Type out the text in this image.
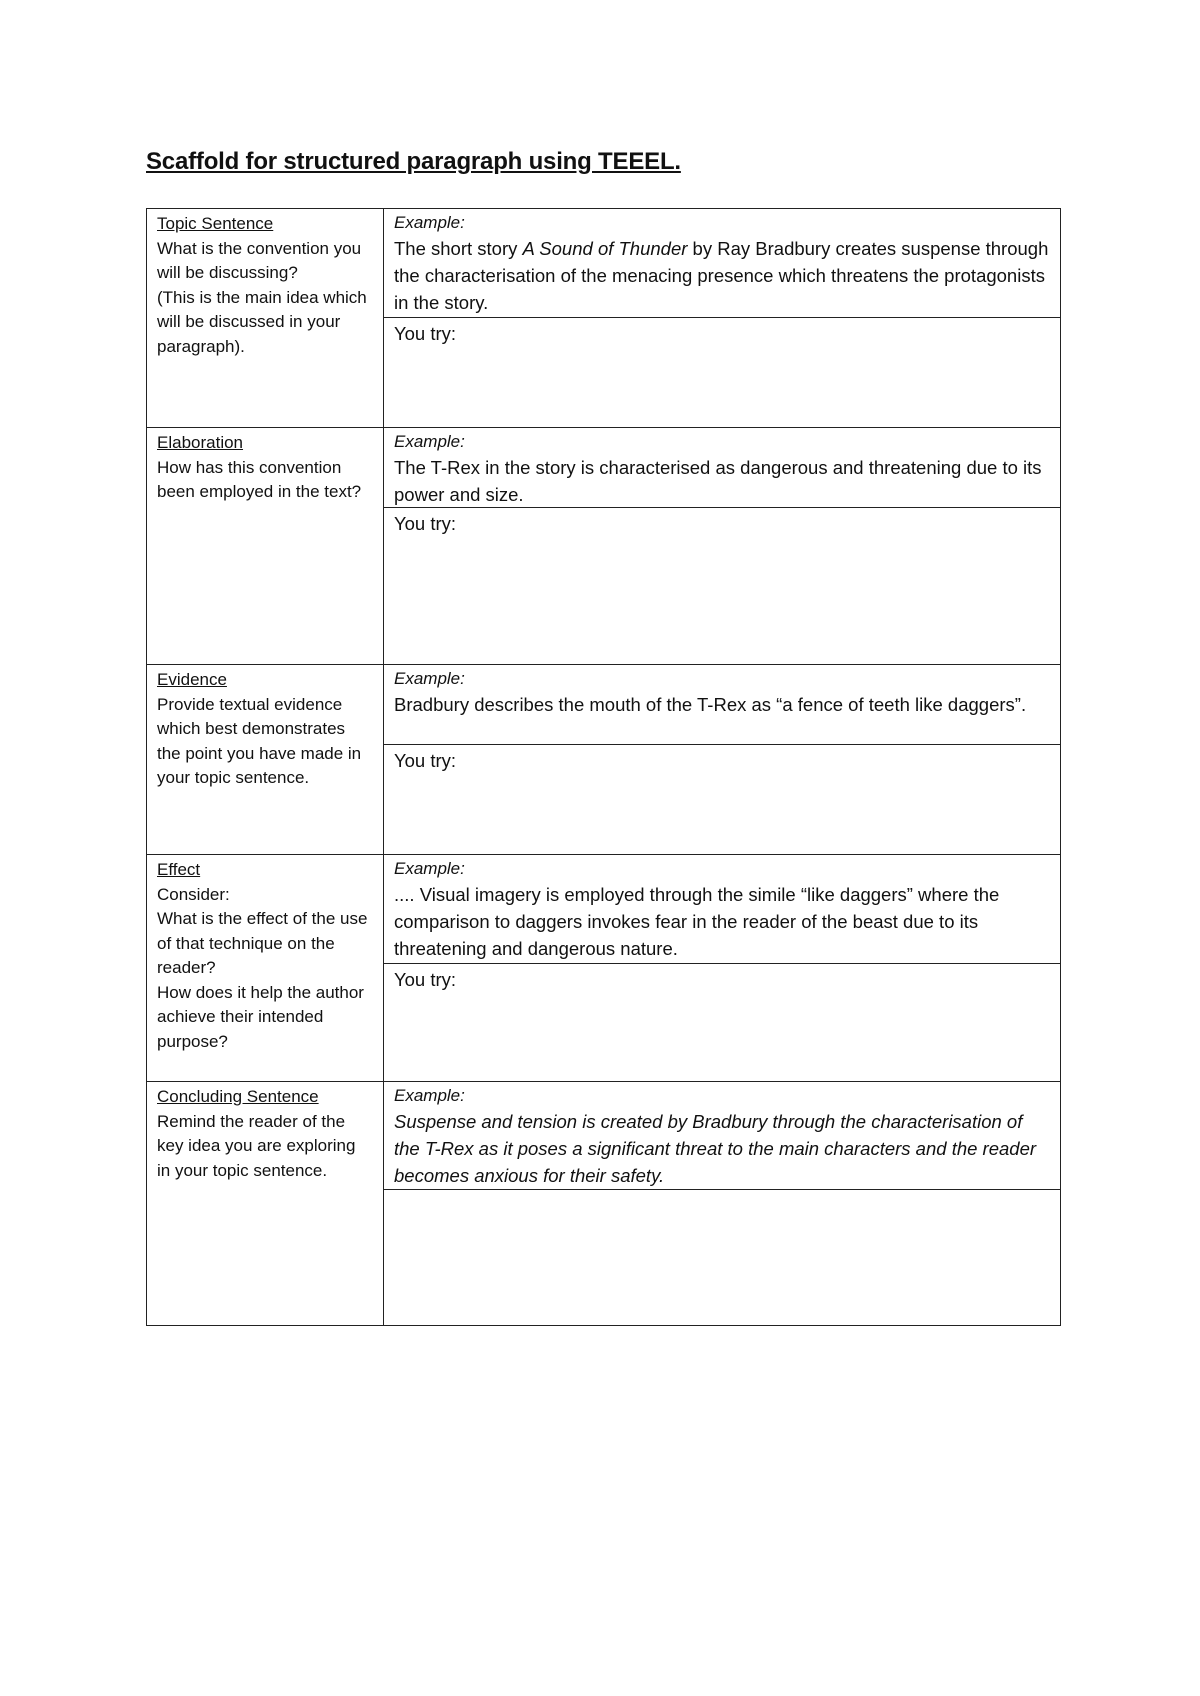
Scaffold for structured paragraph using TEEEL.
Topic Sentence
What is the convention you will be discussing?
(This is the main idea which will be discussed in your paragraph).
Example:
The short story A Sound of Thunder by Ray Bradbury creates suspense through the characterisation of the menacing presence which threatens the protagonists in the story.
You try:
Elaboration
How has this convention been employed in the text?
Example:
The T-Rex in the story is characterised as dangerous and threatening due to its power and size.
You try:
Evidence
Provide textual evidence which best demonstrates the point you have made in your topic sentence.
Example:
Bradbury describes the mouth of the T-Rex as “a fence of teeth like daggers”.
You try:
Effect
Consider:
What is the effect of the use of that technique on the reader?
How does it help the author achieve their intended purpose?
Example:
.... Visual imagery is employed through the simile “like daggers” where the comparison to daggers invokes fear in the reader of the beast due to its threatening and dangerous nature.
You try:
Concluding Sentence
Remind the reader of the key idea you are exploring in your topic sentence.
Example:
Suspense and tension is created by Bradbury through the characterisation of the T-Rex as it poses a significant threat to the main characters and the reader becomes anxious for their safety.
